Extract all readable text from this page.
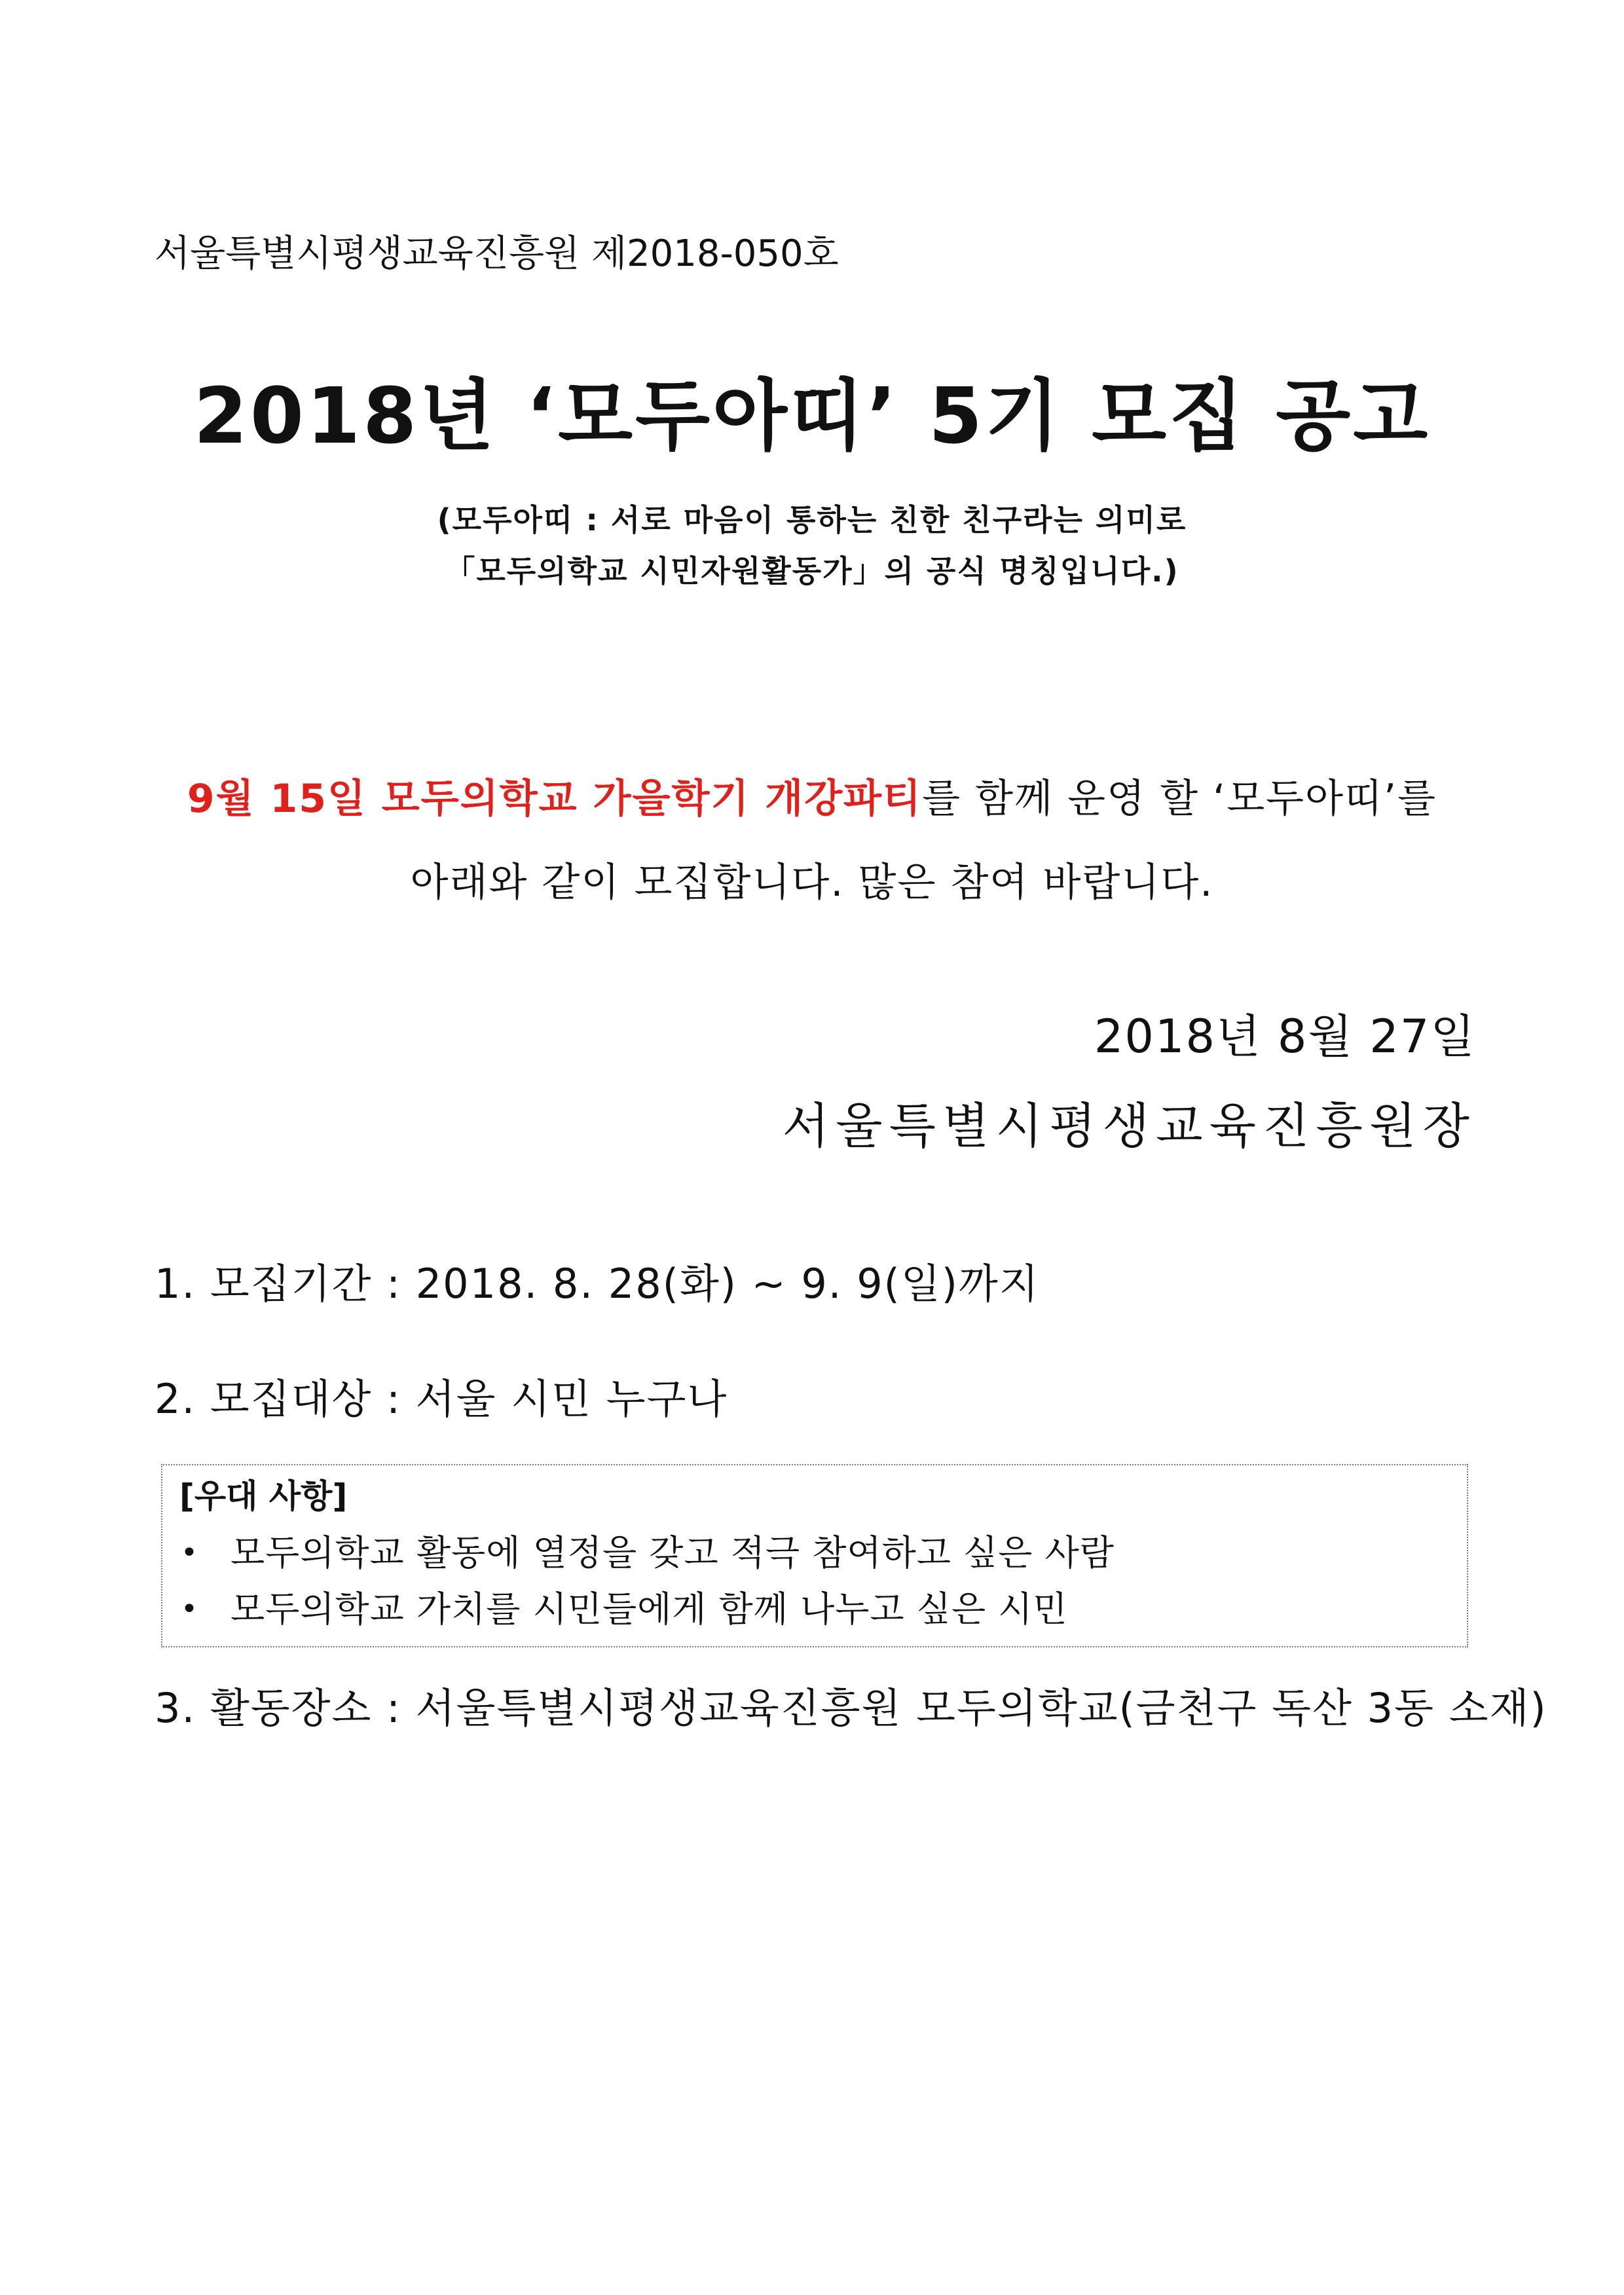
서울특별시평생교육진흥원 제2018-050호
2018년 ‘모두아띠’ 5기 모집 공고
(모두아띠 : 서로 마음이 통하는 친한 친구라는 의미로
「모두의학교 시민자원활동가」의 공식 명칭입니다.)
9월 15일 모두의학교 가을학기 개강파티를 함께 운영 할 ‘모두아띠’를
아래와 같이 모집합니다. 많은 참여 바랍니다.
2018년 8월 27일
서울특별시평생교육진흥원장
1. 모집기간 : 2018. 8. 28(화) ~ 9. 9(일)까지
2. 모집대상 : 서울 시민 누구나
[우대 사항]
• 모두의학교 활동에 열정을 갖고 적극 참여하고 싶은 사람
• 모두의학교 가치를 시민들에게 함께 나누고 싶은 시민
3. 활동장소 : 서울특별시평생교육진흥원 모두의학교(금천구 독산 3동 소재)
